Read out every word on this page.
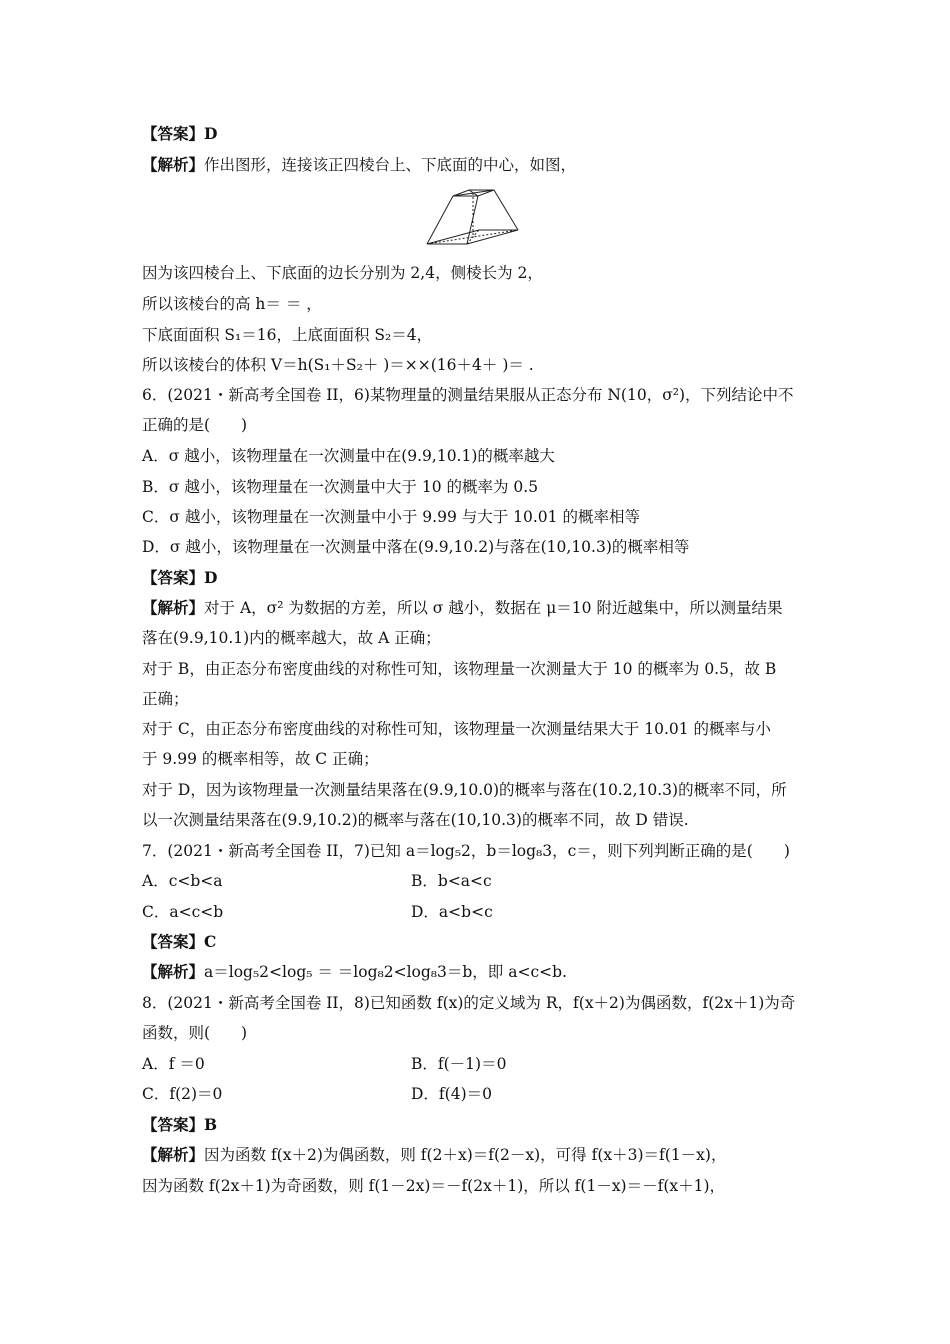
【答案】D
【解析】作出图形，连接该正四棱台上、下底面的中心，如图，
因为该四棱台上、下底面的边长分别为 2,4，侧棱长为 2，
所以该棱台的高 h＝ ＝ ，
下底面面积 S₁＝16，上底面面积 S₂＝4，
所以该棱台的体积 V＝h(S₁＋S₂＋ )＝××(16＋4＋ )＝ .
6．(2021・新高考全国卷 II，6)某物理量的测量结果服从正态分布 N(10，σ²)，下列结论中不
正确的是(　　)
A．σ 越小，该物理量在一次测量中在(9.9,10.1)的概率越大
B．σ 越小，该物理量在一次测量中大于 10 的概率为 0.5
C．σ 越小，该物理量在一次测量中小于 9.99 与大于 10.01 的概率相等
D．σ 越小，该物理量在一次测量中落在(9.9,10.2)与落在(10,10.3)的概率相等
【答案】D
【解析】对于 A，σ² 为数据的方差，所以 σ 越小，数据在 μ＝10 附近越集中，所以测量结果
落在(9.9,10.1)内的概率越大，故 A 正确；
对于 B，由正态分布密度曲线的对称性可知，该物理量一次测量大于 10 的概率为 0.5，故 B
正确；
对于 C，由正态分布密度曲线的对称性可知，该物理量一次测量结果大于 10.01 的概率与小
于 9.99 的概率相等，故 C 正确；
对于 D，因为该物理量一次测量结果落在(9.9,10.0)的概率与落在(10.2,10.3)的概率不同，所
以一次测量结果落在(9.9,10.2)的概率与落在(10,10.3)的概率不同，故 D 错误.
7．(2021・新高考全国卷 II，7)已知 a＝log₅2，b＝log₈3，c＝，则下列判断正确的是(　　)
A．c<b<a	B．b<a<c
C．a<c<b	D．a<b<c
【答案】C
【解析】a＝log₅2<log₅ ＝ ＝log₈2<log₈3＝b，即 a<c<b.
8．(2021・新高考全国卷 II，8)已知函数 f(x)的定义域为 R，f(x＋2)为偶函数，f(2x＋1)为奇
函数，则(　　)
A．f ＝0	B．f(－1)＝0
C．f(2)＝0	D．f(4)＝0
【答案】B
【解析】因为函数 f(x＋2)为偶函数，则 f(2＋x)＝f(2－x)，可得 f(x＋3)＝f(1－x)，
因为函数 f(2x＋1)为奇函数，则 f(1－2x)＝－f(2x＋1)，所以 f(1－x)＝－f(x＋1)，
